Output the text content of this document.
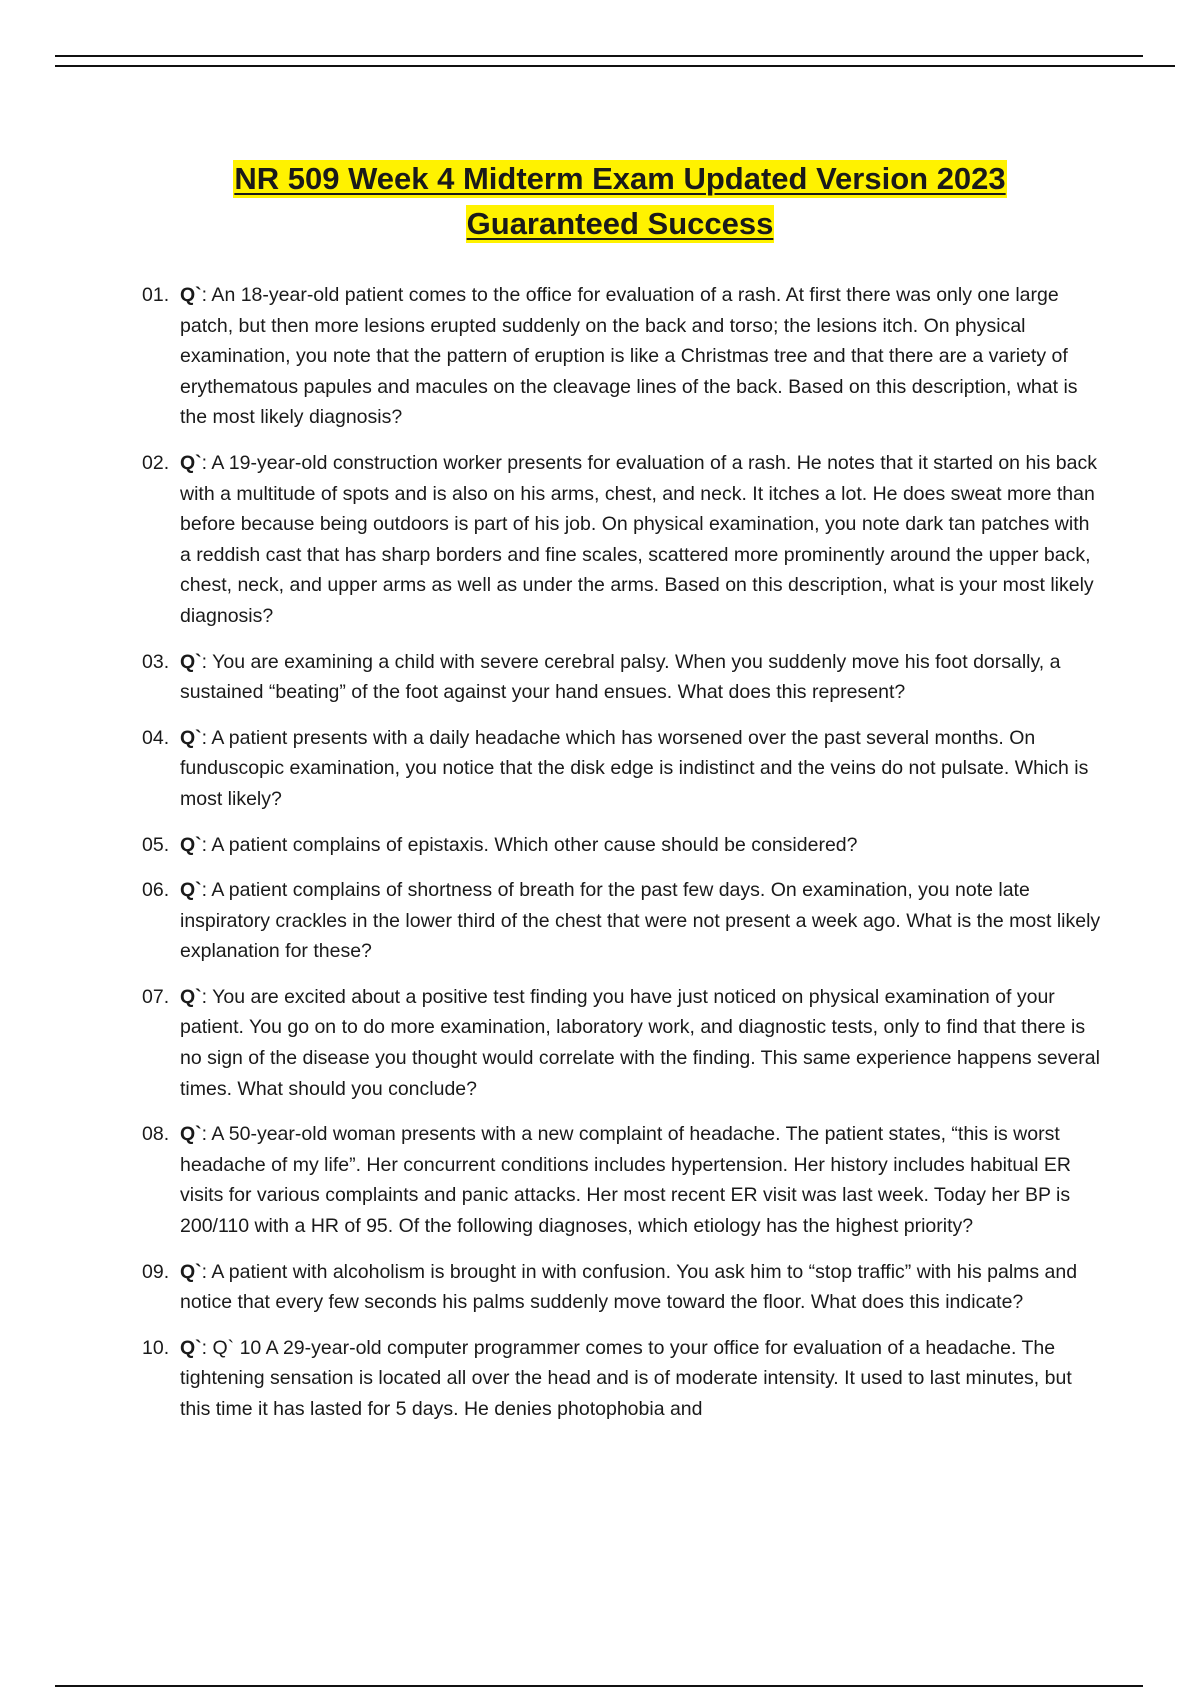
NR 509 Week 4 Midterm Exam Updated Version 2023
Guaranteed Success
01. Q`: An 18-year-old patient comes to the office for evaluation of a rash. At first there was only one large patch, but then more lesions erupted suddenly on the back and torso; the lesions itch. On physical examination, you note that the pattern of eruption is like a Christmas tree and that there are a variety of erythematous papules and macules on the cleavage lines of the back. Based on this description, what is the most likely diagnosis?
02. Q`: A 19-year-old construction worker presents for evaluation of a rash. He notes that it started on his back with a multitude of spots and is also on his arms, chest, and neck. It itches a lot. He does sweat more than before because being outdoors is part of his job. On physical examination, you note dark tan patches with a reddish cast that has sharp borders and fine scales, scattered more prominently around the upper back, chest, neck, and upper arms as well as under the arms. Based on this description, what is your most likely diagnosis?
03. Q`: You are examining a child with severe cerebral palsy. When you suddenly move his foot dorsally, a sustained “beating” of the foot against your hand ensues. What does this represent?
04. Q`: A patient presents with a daily headache which has worsened over the past several months. On funduscopic examination, you notice that the disk edge is indistinct and the veins do not pulsate. Which is most likely?
05. Q`: A patient complains of epistaxis. Which other cause should be considered?
06. Q`: A patient complains of shortness of breath for the past few days. On examination, you note late inspiratory crackles in the lower third of the chest that were not present a week ago. What is the most likely explanation for these?
07. Q`: You are excited about a positive test finding you have just noticed on physical examination of your patient. You go on to do more examination, laboratory work, and diagnostic tests, only to find that there is no sign of the disease you thought would correlate with the finding. This same experience happens several times. What should you conclude?
08. Q`: A 50-year-old woman presents with a new complaint of headache. The patient states, “this is worst headache of my life”. Her concurrent conditions includes hypertension. Her history includes habitual ER visits for various complaints and panic attacks. Her most recent ER visit was last week. Today her BP is 200/110 with a HR of 95. Of the following diagnoses, which etiology has the highest priority?
09. Q`: A patient with alcoholism is brought in with confusion. You ask him to “stop traffic” with his palms and notice that every few seconds his palms suddenly move toward the floor. What does this indicate?
10. Q`: Q` 10 A 29-year-old computer programmer comes to your office for evaluation of a headache. The tightening sensation is located all over the head and is of moderate intensity. It used to last minutes, but this time it has lasted for 5 days. He denies photophobia and
